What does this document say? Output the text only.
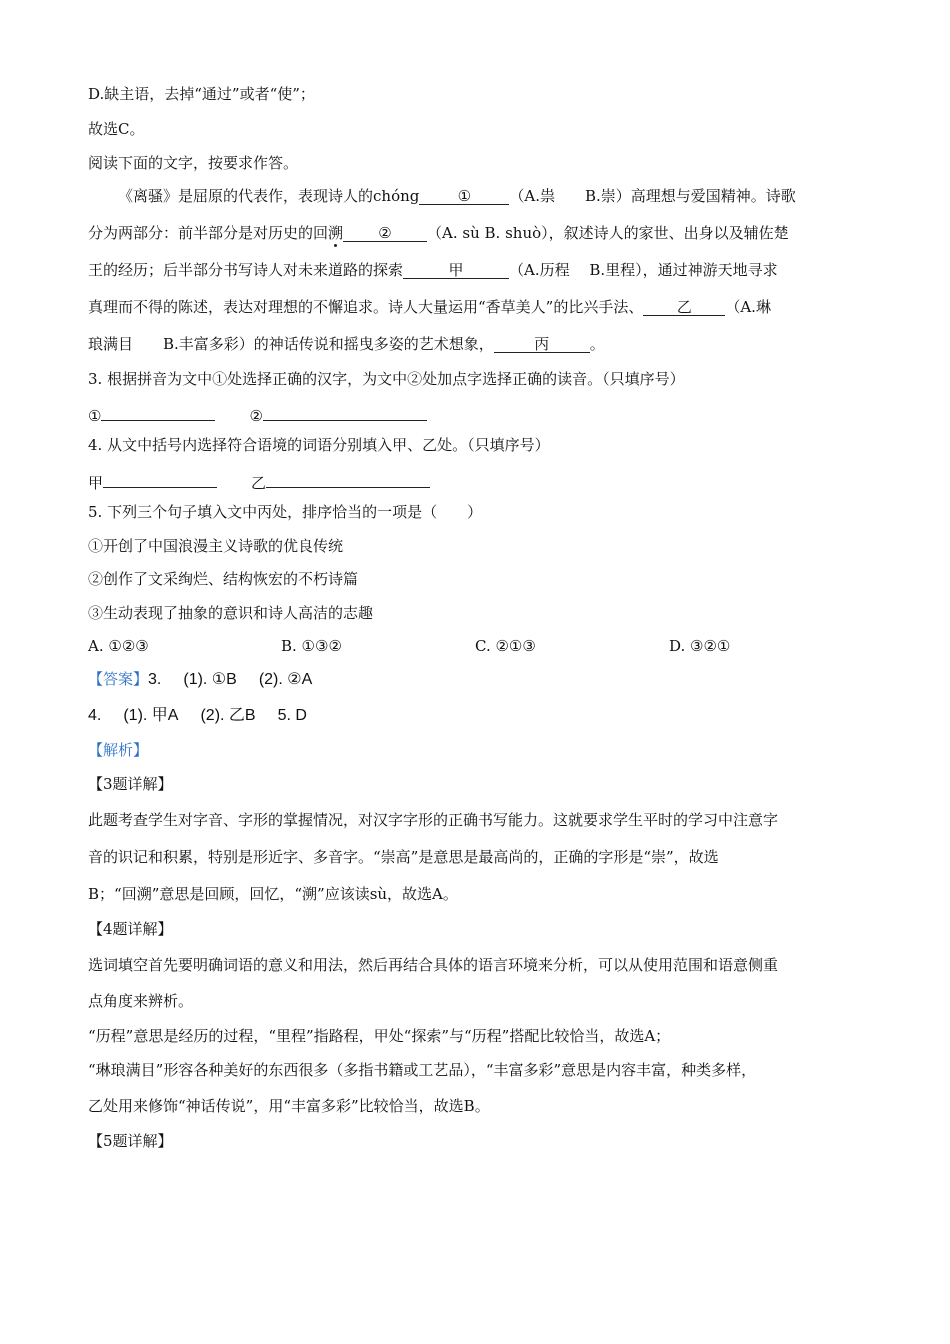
D.缺主语，去掉“通过”或者“使”；
故选C。
阅读下面的文字，按要求作答。
《离骚》是屈原的代表作，表现诗人的chóng	①	（A.祟　　B.崇）高理想与爱国精神。诗歌
分为两部分：前半部分是对历史的回溯 ② （A. sù B. shuò），叙述诗人的家世、出身以及辅佐楚
王的经历；后半部分书写诗人对未来道路的探索	甲	（A.历程　 B.里程），通过神游天地寻求
真理而不得的陈述，表达对理想的不懈追求。诗人大量运用“香草美人”的比兴手法、 乙 （A.琳
琅满目　　B.丰富多彩）的神话传说和摇曳多姿的艺术想象，	丙	。
3. 根据拼音为文中①处选择正确的汉字，为文中②处加点字选择正确的读音。（只填序号）
①	②
4. 从文中括号内选择符合语境的词语分别填入甲、乙处。（只填序号）
甲	乙
5. 下列三个句子填入文中丙处，排序恰当的一项是（　　）
①开创了中国浪漫主义诗歌的优良传统
②创作了文采绚烂、结构恢宏的不朽诗篇
③生动表现了抽象的意识和诗人高洁的志趣
A. ①②③	B. ①③②	C. ②①③	D. ③②①
【答案】3. (1). ①B (2). ②A
4. (1). 甲A (2). 乙B 5. D
【解析】
【3题详解】
此题考查学生对字音、字形的掌握情况，对汉字字形的正确书写能力。这就要求学生平时的学习中注意字
音的识记和积累，特别是形近字、多音字。“崇高”是意思是最高尚的，正确的字形是“崇”，故选
B；“回溯”意思是回顾，回忆，“溯”应该读sù，故选A。
【4题详解】
选词填空首先要明确词语的意义和用法，然后再结合具体的语言环境来分析，可以从使用范围和语意侧重
点角度来辨析。
“历程”意思是经历的过程，“里程”指路程，甲处“探索”与“历程”搭配比较恰当，故选A；
“琳琅满目”形容各种美好的东西很多（多指书籍或工艺品），“丰富多彩”意思是内容丰富，种类多样，
乙处用来修饰“神话传说”，用“丰富多彩”比较恰当，故选B。
【5题详解】
